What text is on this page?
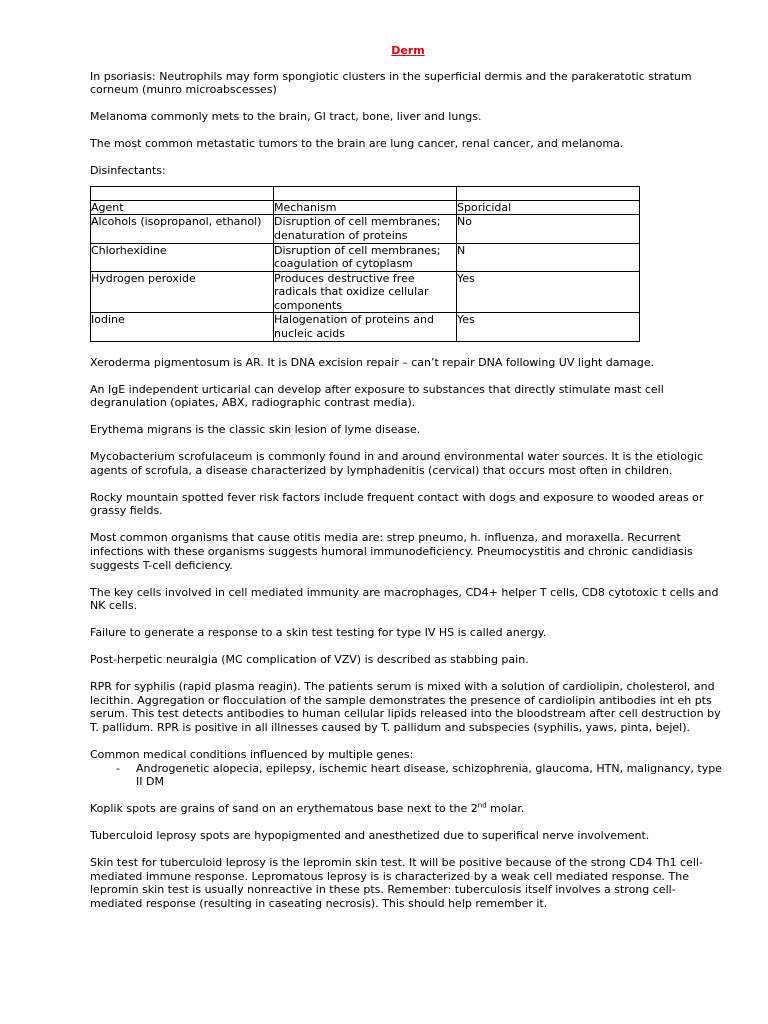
Derm

In psoriasis: Neutrophils may form spongiotic clusters in the superficial dermis and the parakeratotic stratum corneum (munro microabscesses)

Melanoma commonly mets to the brain, GI tract, bone, liver and lungs.

The most common metastatic tumors to the brain are lung cancer, renal cancer, and melanoma.

Disinfectants:

Agent	Mechanism	Sporicidal
Alcohols (isopropanol, ethanol)	Disruption of cell membranes; denaturation of proteins	No
Chlorhexidine	Disruption of cell membranes; coagulation of cytoplasm	N
Hydrogen peroxide	Produces destructive free radicals that oxidize cellular components	Yes
Iodine	Halogenation of proteins and nucleic acids	Yes

Xeroderma pigmentosum is AR. It is DNA excision repair – can’t repair DNA following UV light damage.

An IgE independent urticarial can develop after exposure to substances that directly stimulate mast cell degranulation (opiates, ABX, radiographic contrast media).

Erythema migrans is the classic skin lesion of lyme disease.

Mycobacterium scrofulaceum is commonly found in and around environmental water sources. It is the etiologic agents of scrofula, a disease characterized by lymphadenitis (cervical) that occurs most often in children.

Rocky mountain spotted fever risk factors include frequent contact with dogs and exposure to wooded areas or grassy fields.

Most common organisms that cause otitis media are: strep pneumo, h. influenza, and moraxella. Recurrent infections with these organisms suggests humoral immunodeficiency. Pneumocystitis and chronic candidiasis suggests T-cell deficiency.

The key cells involved in cell mediated immunity are macrophages, CD4+ helper T cells, CD8 cytotoxic t cells and NK cells.

Failure to generate a response to a skin test testing for type IV HS is called anergy.

Post-herpetic neuralgia (MC complication of VZV) is described as stabbing pain.

RPR for syphilis (rapid plasma reagin). The patients serum is mixed with a solution of cardiolipin, cholesterol, and lecithin. Aggregation or flocculation of the sample demonstrates the presence of cardiolipin antibodies int eh pts serum. This test detects antibodies to human cellular lipids released into the bloodstream after cell destruction by T. pallidum. RPR is positive in all illnesses caused by T. pallidum and subspecies (syphilis, yaws, pinta, bejel).

Common medical conditions influenced by multiple genes:

- Androgenetic alopecia, epilepsy, ischemic heart disease, schizophrenia, glaucoma, HTN, malignancy, type II DM

Koplik spots are grains of sand on an erythematous base next to the 2nd molar.

Tuberculoid leprosy spots are hypopigmented and anesthetized due to superifical nerve involvement.

Skin test for tuberculoid leprosy is the lepromin skin test. It will be positive because of the strong CD4 Th1 cell-mediated immune response. Lepromatous leprosy is is characterized by a weak cell mediated response. The lepromin skin test is usually nonreactive in these pts. Remember: tuberculosis itself involves a strong cell-mediated response (resulting in caseating necrosis). This should help remember it.
